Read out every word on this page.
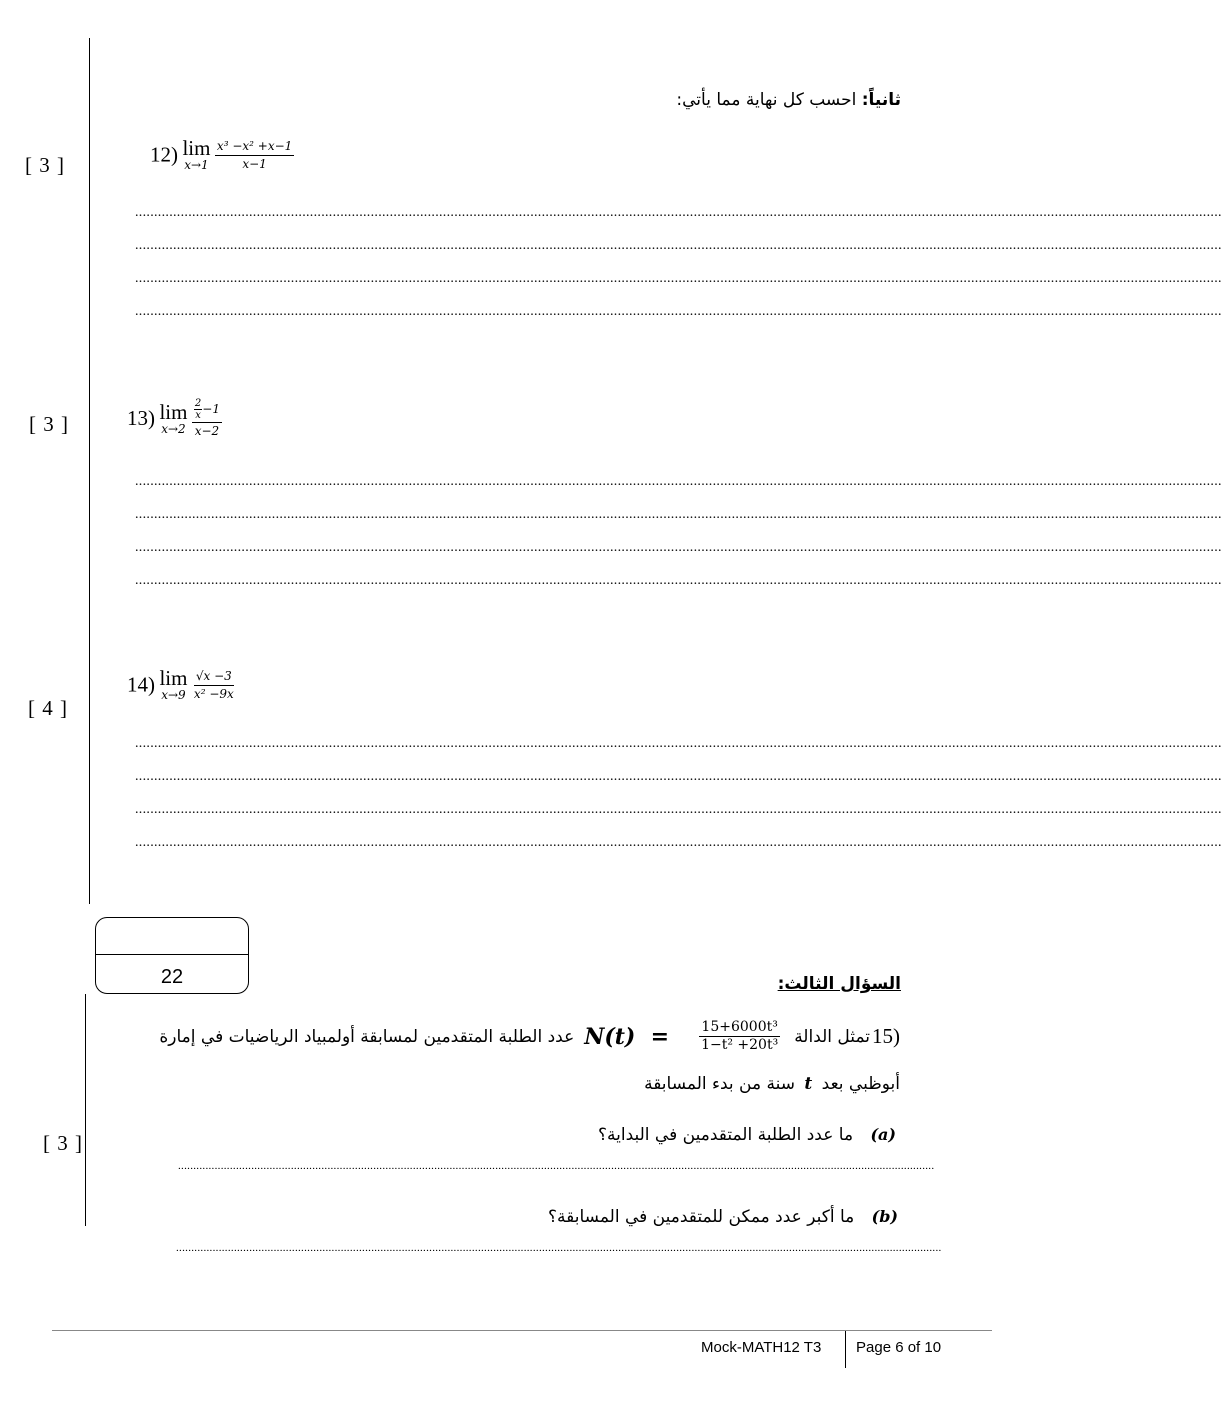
ثانياً: احسب كل نهاية مما يأتي:
[ 3 ]	12) lim
x→1
$\frac{\text{x³ −x² +x−1}}{x-1}$
..............................................................................................................................................................................................................................................................................................
..............................................................................................................................................................................................................................................................................................
..............................................................................................................................................................................................................................................................................................
..............................................................................................................................................................................................................................................................................................
[ 3 ]	13) lim
x→2
$\frac{\frac{2}{x} -1}{x-2}$
..............................................................................................................................................................................................................................................................................................
..............................................................................................................................................................................................................................................................................................
..............................................................................................................................................................................................................................................................................................
..............................................................................................................................................................................................................................................................................................
[ 4 ]
14) lim
x→9
$\frac{√x -3}{\text{x² −9x}}$
..............................................................................................................................................................................................................................................................................................
..............................................................................................................................................................................................................................................................................................
..............................................................................................................................................................................................................................................................................................
..............................................................................................................................................................................................................................................................................................
22	السؤال الثالث:
15)
تمثل الدالة
$N(t) = \frac{\text{15+6000t³}}{\text{1−t² +20t³}}$
عدد الطلبة المتقدمين لمسابقة أولمبياد الرياضيات في إمارة
أبوظبي بعد t سنة من بدء المسابقة
[ 3 ]	(a) ما عدد الطلبة المتقدمين في البداية؟
........................................................................................................................................................................................................................................................
(b) ما أكبر عدد ممكن للمتقدمين في المسابقة؟
...........................................................................................................................................................................................................................................................
Mock-MATH12 T3 Page 6 of 10
